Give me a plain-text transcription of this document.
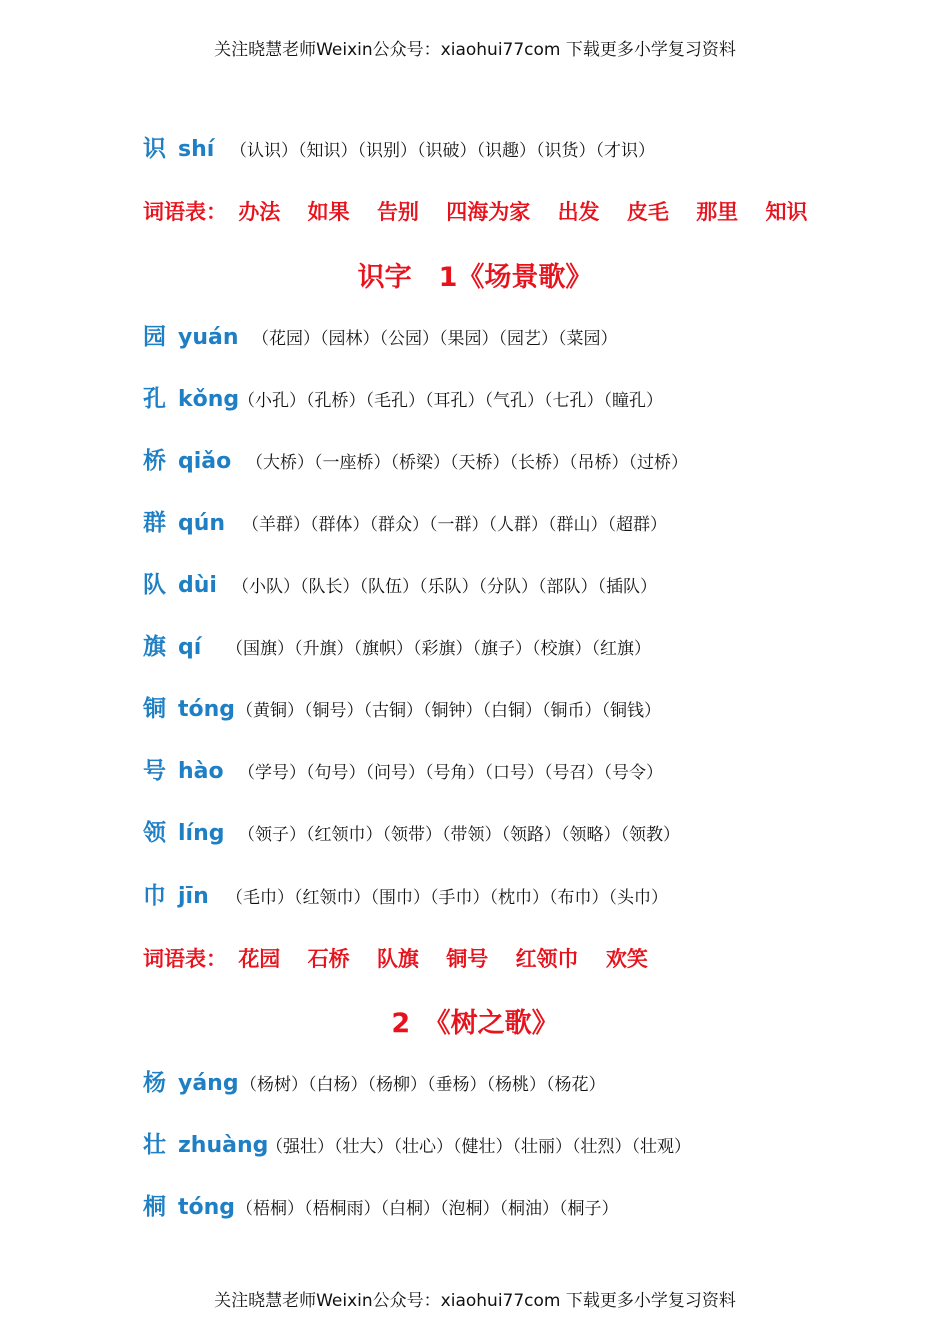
关注晓慧老师Weixin公众号：xiaohui77com 下载更多小学复习资料
识 shí （认识）（知识）（识别）（识破）（识趣）（识货）（才识）
词语表： 办法 如果 告别 四海为家 出发 皮毛 那里 知识
识字　1《场景歌》
园 yuán （花园）（园林）（公园）（果园）（园艺）（菜园）
孔 kǒng
（小孔）（孔桥）（毛孔）（耳孔）（气孔）（七孔）（瞳孔）
桥 qiǎo （大桥）（一座桥）（桥梁）（天桥）（长桥）（吊桥）（过桥）
群 qún （羊群）（群体）（群众）（一群）（人群）（群山）（超群）
队 dùi （小队）（队长）（队伍）（乐队）（分队）（部队）（插队）
旗 qí	（国旗）（升旗）（旗帜）（彩旗）（旗子）（校旗）（红旗）
铜 tóng （黄铜）（铜号）（古铜）（铜钟）（白铜）（铜币）（铜钱）
号 hào （学号）（句号）（问号）（号角）（口号）（号召）（号令）
领 líng （领子）（红领巾）（领带）（带领）（领路）（领略）（领教）
巾 jīn	（毛巾）（红领巾）（围巾）（手巾）（枕巾）（布巾）（头巾）
词语表： 花园 石桥 队旗 铜号 红领巾 欢笑
2　《树之歌》
杨 yáng （杨树）（白杨）（杨柳）（垂杨）（杨桃）（杨花）
壮 zhuàng
（强壮）（壮大）（壮心）（健壮）（壮丽）（壮烈）（壮观）
桐 tóng （梧桐）（梧桐雨）（白桐）（泡桐）（桐油）（桐子）
关注晓慧老师Weixin公众号：xiaohui77com 下载更多小学复习资料
